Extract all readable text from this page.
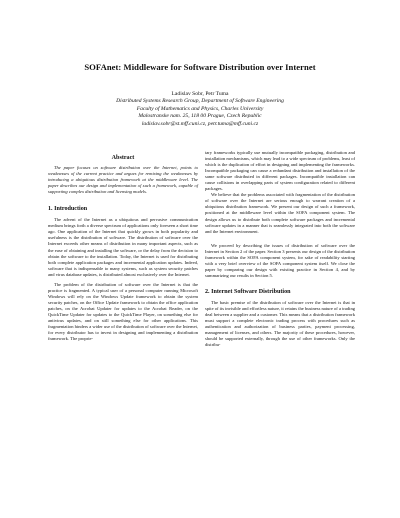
SOFAnet: Middleware for Software Distribution over Internet
Ladislav Sobr, Petr Tuma
Distributed Systems Research Group, Department of Software Engineering
Faculty of Mathematics and Physics, Charles University
Malostranske nam. 25, 118 00 Prague, Czech Republic
ladislav.sobr@st.mff.cuni.cz, petr.tuma@mff.cuni.cz
Abstract

The paper focuses on software distribution over the Internet, points to weaknesses of the current practice and argues for remixing the weaknesses by introducing a ubiquitous distribution framework at the middleware level. The paper describes our design and implementation of such a framework, capable of supporting complex distribution and licensing models.

1. Introduction

The advent of the Internet as a ubiquitous and pervasive communication medium brings forth a diverse spectrum of applications only foreseen a short time ago. One application of the Internet that quickly grows in both popularity and usefulness is the distribution of software. The distribution of software over the Internet exceeds other means of distribution in many important aspects, such as the ease of obtaining and installing the software, or the delay from the decision to obtain the software to the installation. Today, the Internet is used for distributing both complete application packages and incremental application updates. Indeed, software that is indispensable to many systems, such as system security patches and virus database updates, is distributed almost exclusively over the Internet.

The problem of the distribution of software over the Internet is that the practice is fragmented. A typical user of a personal computer running Microsoft Windows will rely on the Windows Update framework to obtain the system security patches, on the Office Update framework to obtain the office application patches, on the Acrobat Updater for updates to the Acrobat Reader, on the QuickTime Updater for updates to the QuickTime Player, on something else for antivirus updates, and on still something else for other applications. This fragmentation hinders a wider use of the distribution of software over the Internet, for every distributor has to invest in designing and implementing a distribution framework. The proprie-

tary frameworks typically use mutually incompatible packaging, distribution and installation mechanisms, which may lead to a wide spectrum of problems, least of which is the duplication of effort in designing and implementing the frameworks. Incompatible packaging can cause a redundant distribution and installation of the same software distributed in different packages. Incompatible installation can cause collisions in overlapping parts of system configuration related to different packages.

We believe that the problems associated with fragmentation of the distribution of software over the Internet are serious enough to warrant creation of a ubiquitous distribution framework. We present our design of such a framework, positioned at the middleware level within the SOFA component system. The design allows us to distribute both complete software packages and incremental software updates in a manner that is seamlessly integrated into both the software and the Internet environment.

We proceed by describing the issues of distribution of software over the Internet in Section 2 of the paper. Section 3 presents our design of the distribution framework within the SOFA component system, for sake of readability starting with a very brief overview of the SOFA component system itself. We close the paper by comparing our design with existing practice in Section 4, and by summarizing our results in Section 5.

2. Internet Software Distribution

The basic premise of the distribution of software over the Internet is that in spite of its invisible and effortless nature, it retains the business nature of a trading deal between a supplier and a customer. This means that a distribution framework must support a complete electronic trading process with procedures such as authentication and authorization of business parties, payment processing, management of licenses, and others. The majority of these procedures, however, should be supported externally, through the use of other frameworks. Only the distribu-
